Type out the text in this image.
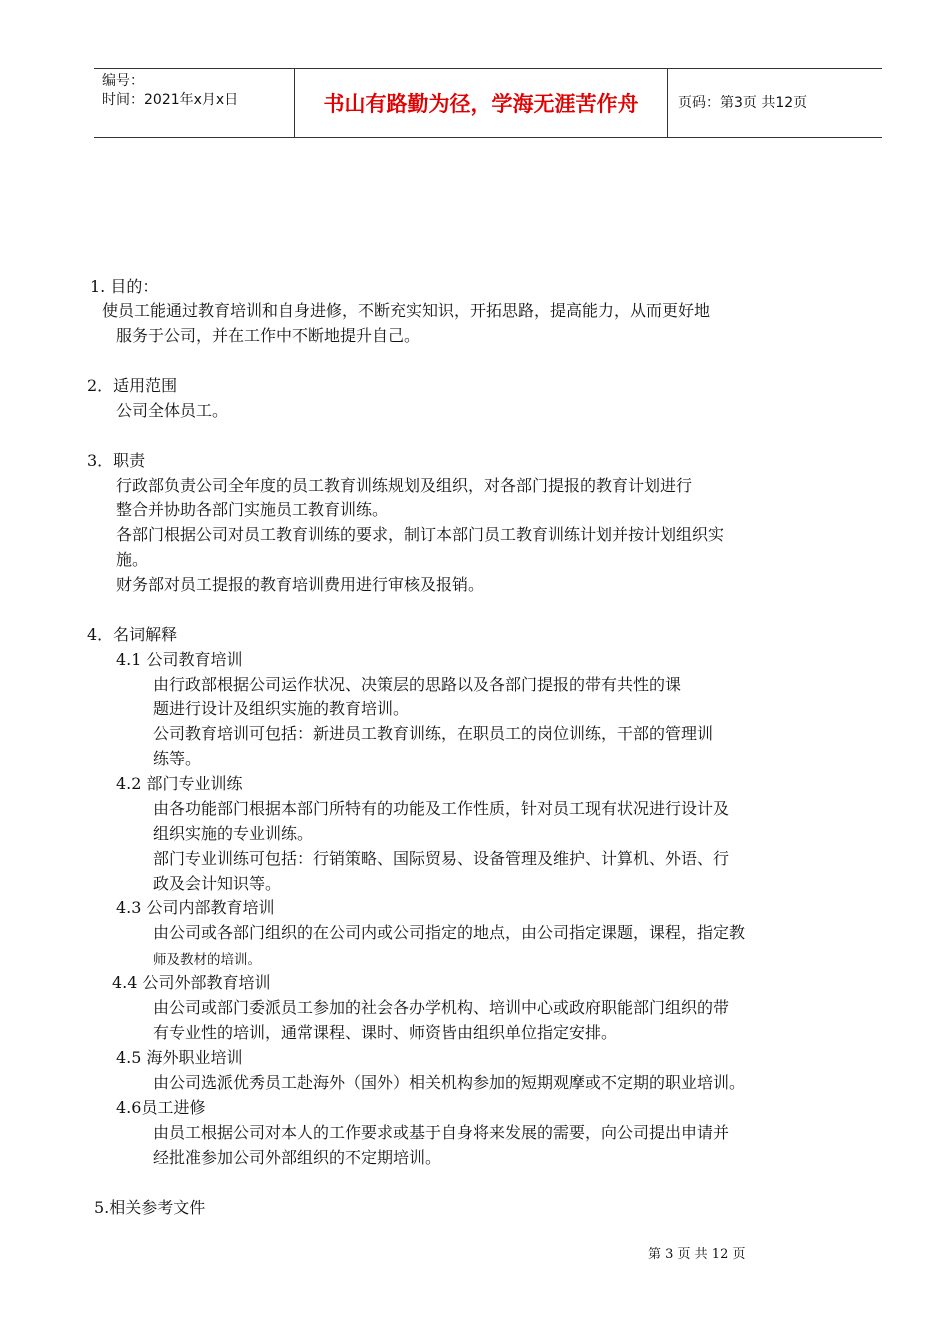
编号：
时间：2021年x月x日	书山有路勤为径，学海无涯苦作舟	页码：第3页 共12页
1. 目的：
使员工能通过教育培训和自身进修，不断充实知识，开拓思路，提高能力，从而更好地
服务于公司，并在工作中不断地提升自己。
2．适用范围
公司全体员工。
3．职责
行政部负责公司全年度的员工教育训练规划及组织，对各部门提报的教育计划进行
整合并协助各部门实施员工教育训练。
各部门根据公司对员工教育训练的要求，制订本部门员工教育训练计划并按计划组织实
施。
财务部对员工提报的教育培训费用进行审核及报销。
4．名词解释
4.1 公司教育培训
由行政部根据公司运作状况、决策层的思路以及各部门提报的带有共性的课
题进行设计及组织实施的教育培训。
公司教育培训可包括：新进员工教育训练，在职员工的岗位训练，干部的管理训
练等。
4.2 部门专业训练
由各功能部门根据本部门所特有的功能及工作性质，针对员工现有状况进行设计及
组织实施的专业训练。
部门专业训练可包括：行销策略、国际贸易、设备管理及维护、计算机、外语、行
政及会计知识等。
4.3 公司内部教育培训
由公司或各部门组织的在公司内或公司指定的地点，由公司指定课题，课程，指定教
师及教材的培训。
4.4 公司外部教育培训
由公司或部门委派员工参加的社会各办学机构、培训中心或政府职能部门组织的带
有专业性的培训，通常课程、课时、师资皆由组织单位指定安排。
4.5 海外职业培训
由公司选派优秀员工赴海外（国外）相关机构参加的短期观摩或不定期的职业培训。
4.6员工进修
由员工根据公司对本人的工作要求或基于自身将来发展的需要，向公司提出申请并
经批准参加公司外部组织的不定期培训。
5.相关参考文件
第 3 页 共 12 页
